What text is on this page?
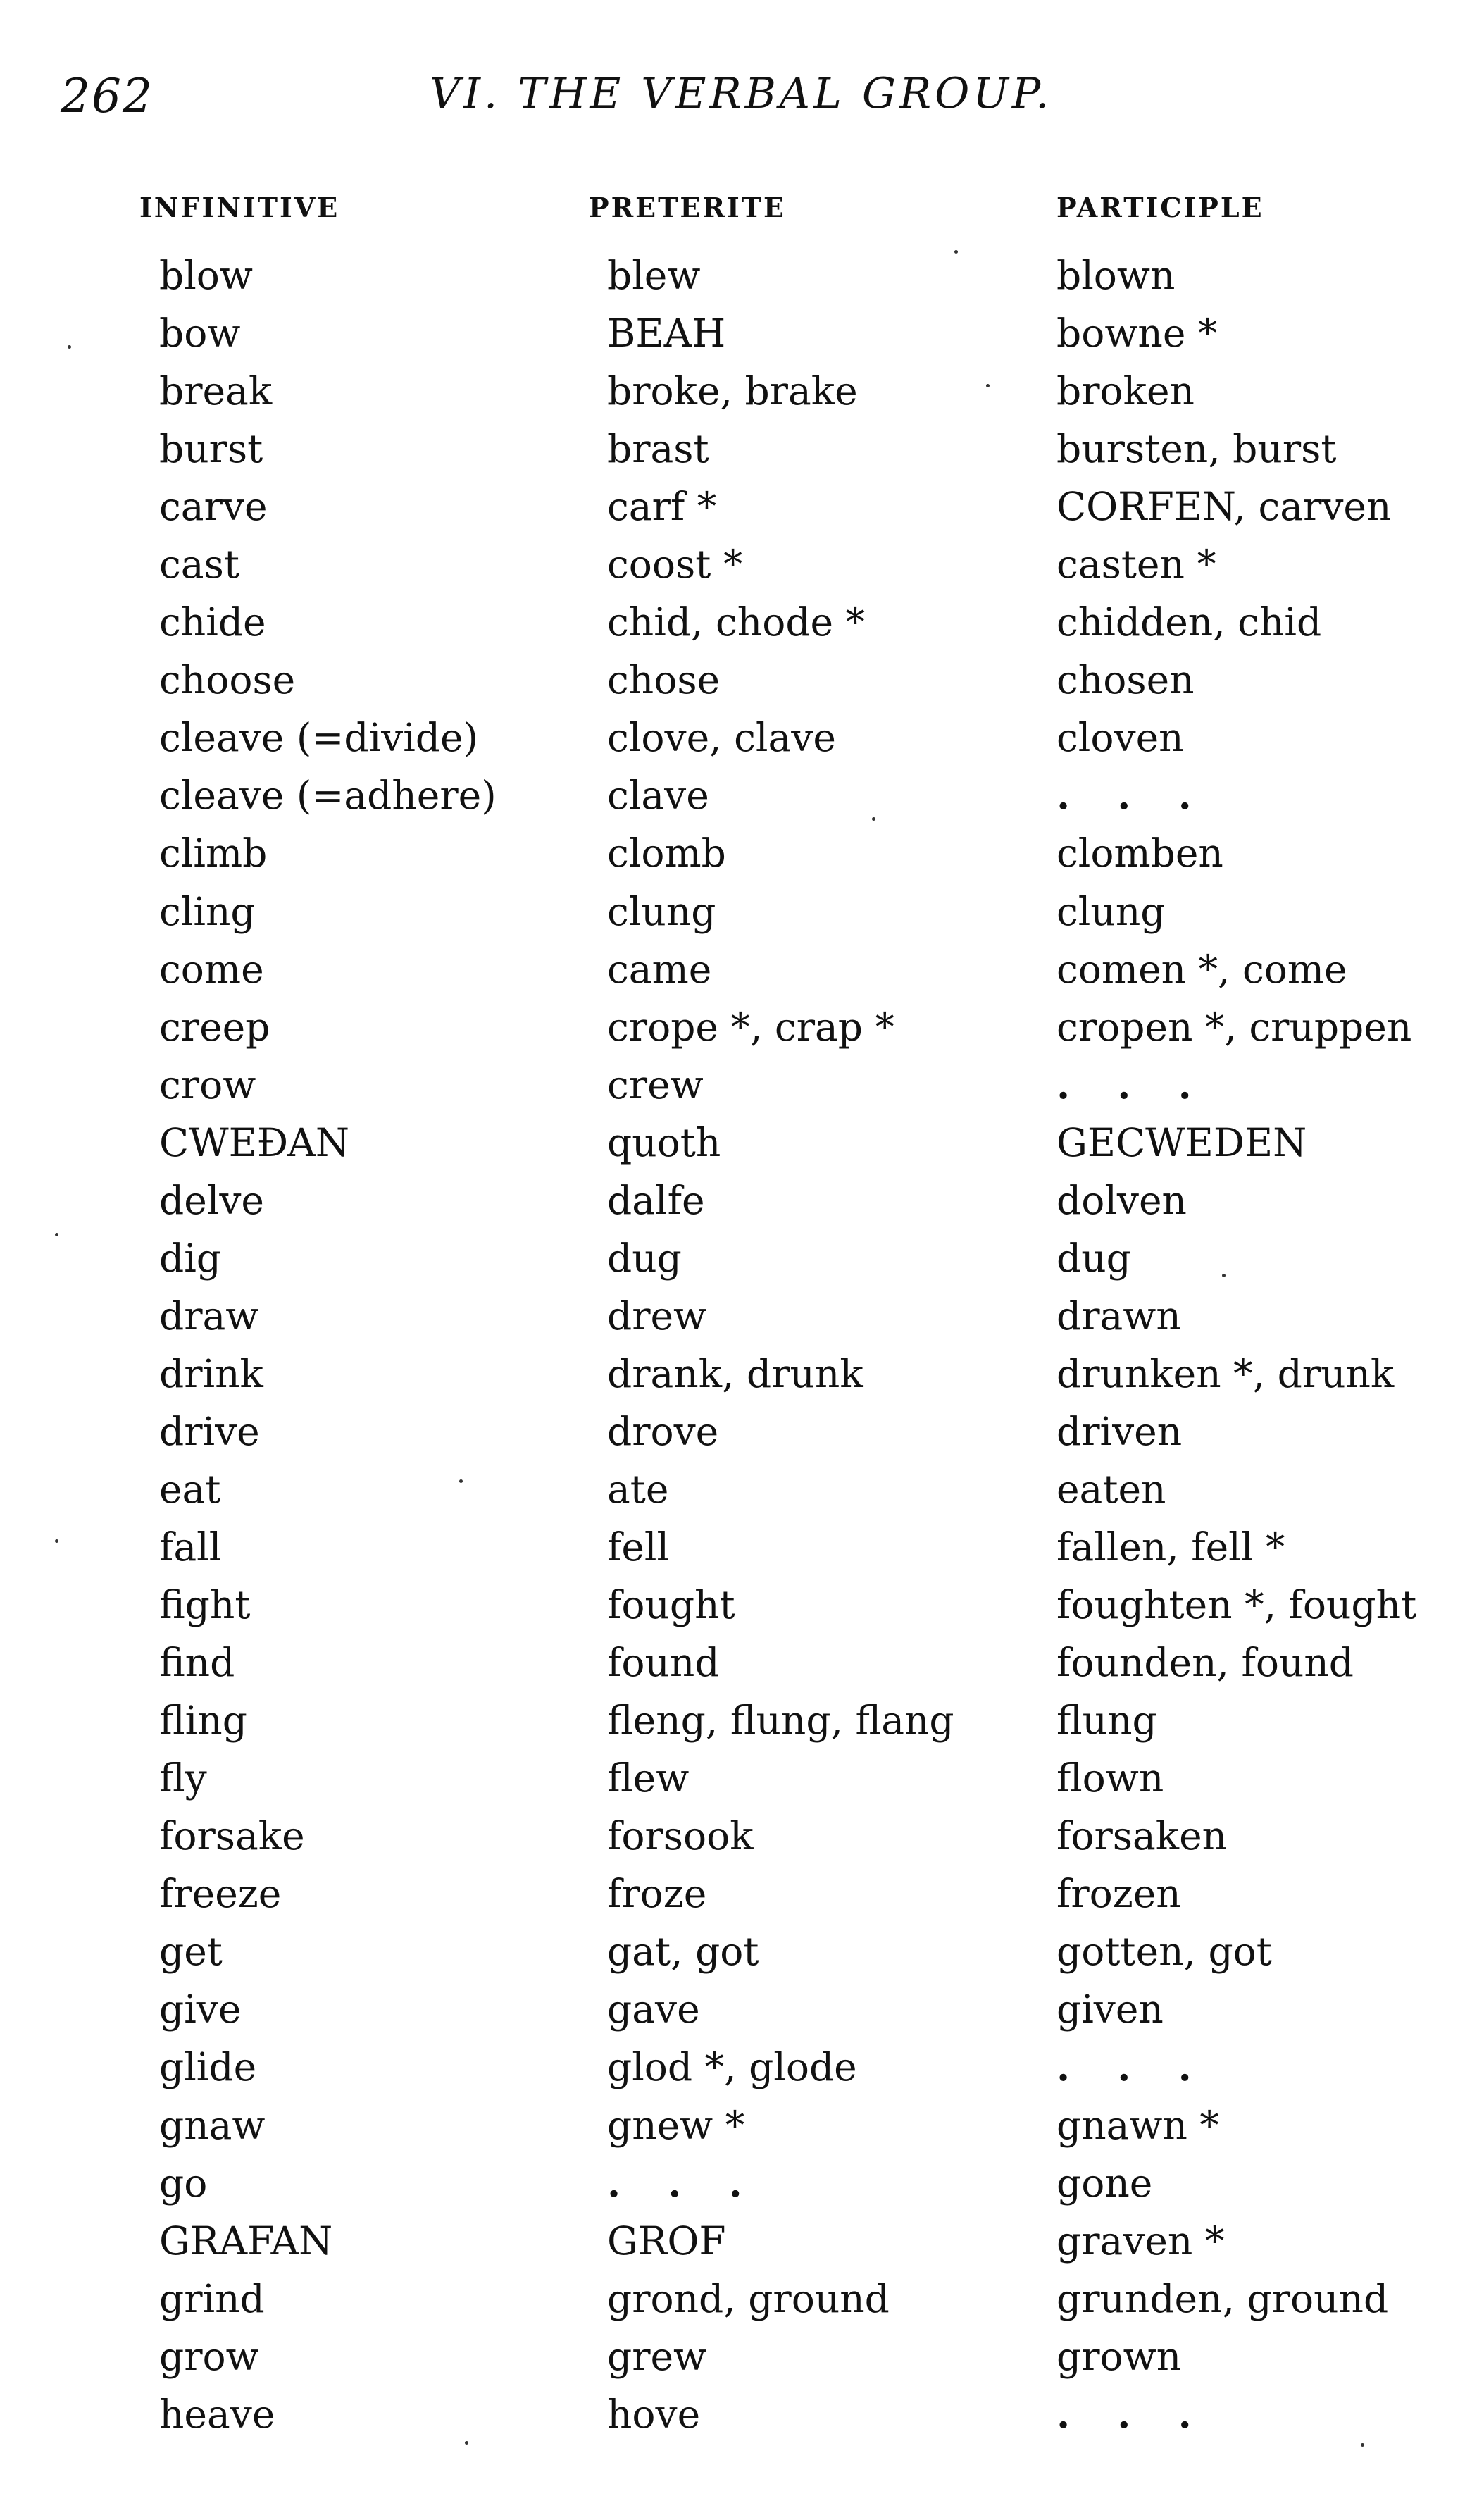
262	VI. THE VERBAL GROUP.
INFINITIVE	PRETERITE	PARTICIPLE
blow	blew	blown
bow	BEAH	bowne *
break	broke, brake	broken
burst	brast	bursten, burst
carve	carf *	CORFEN, carven
cast	coost *	casten *
chide	chid, chode *	chidden, chid
choose	chose	chosen
cleave (=divide)	clove, clave	cloven
cleave (=adhere)	clave	. . .
climb	clomb	clomben
cling	clung	clung
come	came	comen *, come
creep	crope *, crap *	cropen *, cruppen
crow	crew	. . .
CWEÐAN	quoth	GECWEDEN
delve	dalfe	dolven
dig	dug	dug
draw	drew	drawn
drink	drank, drunk	drunken *, drunk
drive	drove	driven
eat	ate	eaten
fall	fell	fallen, fell *
fight	fought	foughten *, fought
find	found	founden, found
fling	fleng, flung, flang	flung
fly	flew	flown
forsake	forsook	forsaken
freeze	froze	frozen
get	gat, got	gotten, got
give	gave	given
glide	glod *, glode	. . .
gnaw	gnew *	gnawn *
go	. . .	gone
GRAFAN	GROF	graven *
grind	grond, ground	grunden, ground
grow	grew	grown
heave	hove	. . .
